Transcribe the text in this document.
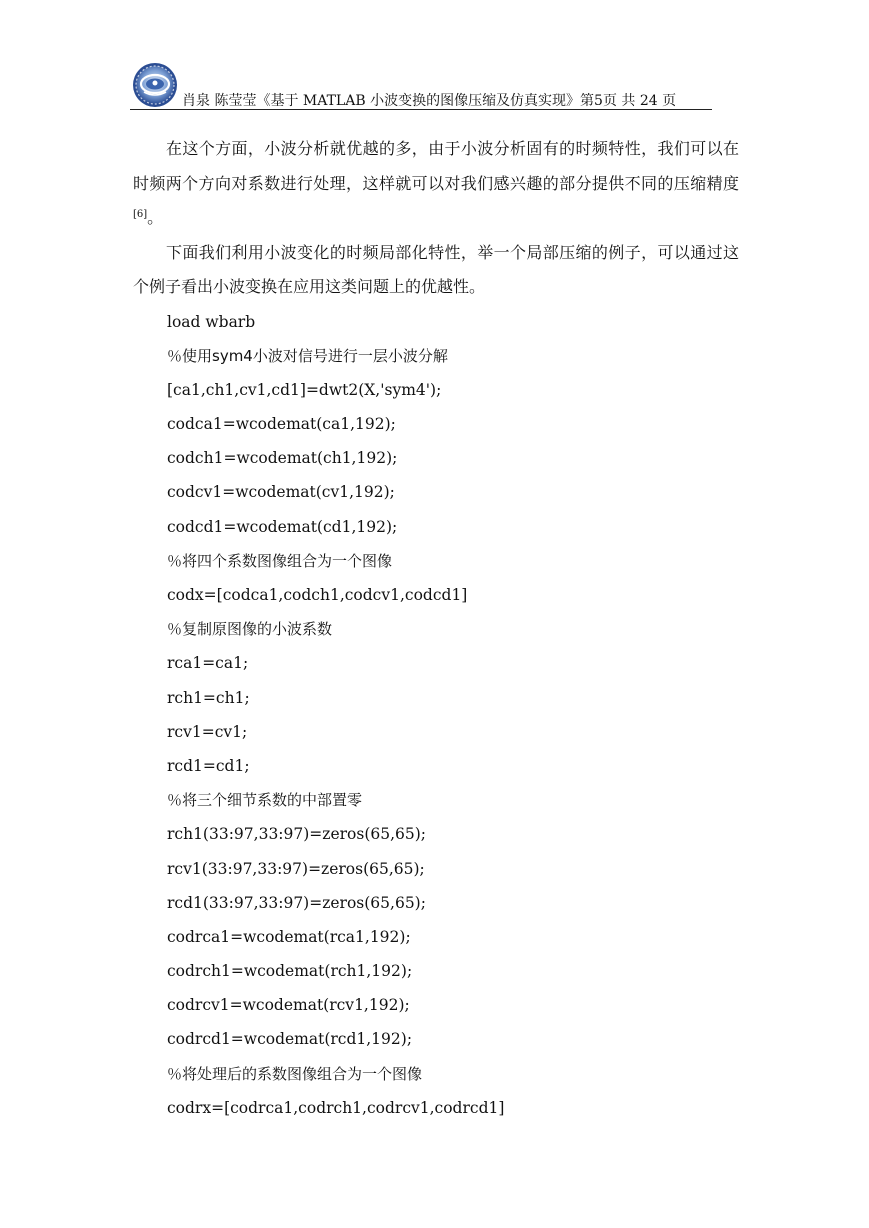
肖泉 陈莹莹《基于 MATLAB 小波变换的图像压缩及仿真实现》第5页 共 24 页

在这个方面，小波分析就优越的多，由于小波分析固有的时频特性，我们可以在时频两个方向对系数进行处理，这样就可以对我们感兴趣的部分提供不同的压缩精度[6]。

下面我们利用小波变化的时频局部化特性，举一个局部压缩的例子，可以通过这个例子看出小波变换在应用这类问题上的优越性。

load wbarb
％使用sym4小波对信号进行一层小波分解
[ca1,ch1,cv1,cd1]=dwt2(X,'sym4');
codca1=wcodemat(ca1,192);
codch1=wcodemat(ch1,192);
codcv1=wcodemat(cv1,192);
codcd1=wcodemat(cd1,192);
％将四个系数图像组合为一个图像
codx=[codca1,codch1,codcv1,codcd1]
％复制原图像的小波系数
rca1=ca1;
rch1=ch1;
rcv1=cv1;
rcd1=cd1;
％将三个细节系数的中部置零
rch1(33:97,33:97)=zeros(65,65);
rcv1(33:97,33:97)=zeros(65,65);
rcd1(33:97,33:97)=zeros(65,65);
codrca1=wcodemat(rca1,192);
codrch1=wcodemat(rch1,192);
codrcv1=wcodemat(rcv1,192);
codrcd1=wcodemat(rcd1,192);
％将处理后的系数图像组合为一个图像
codrx=[codrca1,codrch1,codrcv1,codrcd1]
